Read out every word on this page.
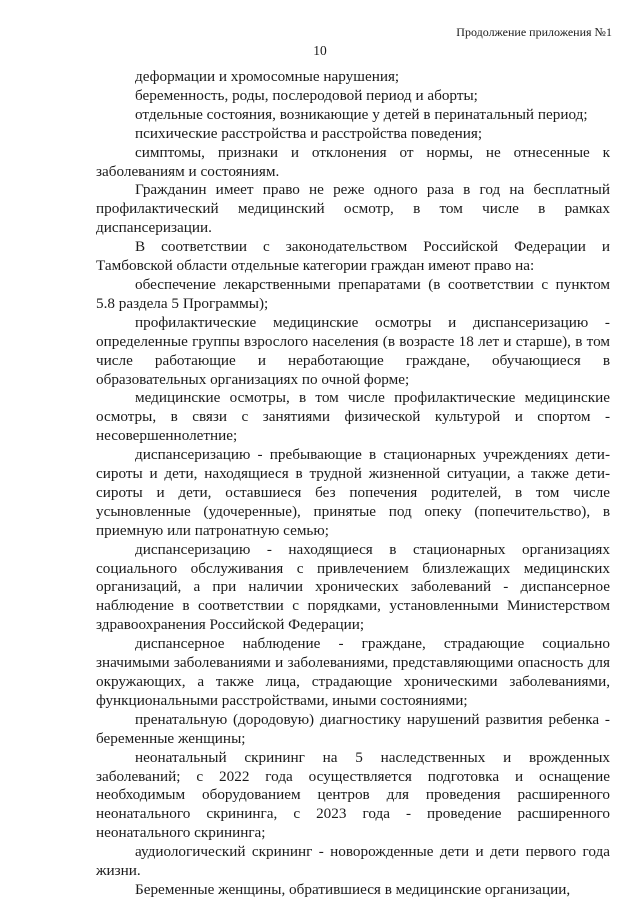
Продолжение приложения №1
10

деформации и хромосомные нарушения;

беременность, роды, послеродовой период и аборты;

отдельные состояния, возникающие у детей в перинатальный период;

психические расстройства и расстройства поведения;

симптомы, признаки и отклонения от нормы, не отнесенные к заболеваниям и состояниям.

Гражданин имеет право не реже одного раза в год на бесплатный профилактический медицинский осмотр, в том числе в рамках диспансеризации.

В соответствии с законодательством Российской Федерации и Тамбовской области отдельные категории граждан имеют право на:

обеспечение лекарственными препаратами (в соответствии с пунктом 5.8 раздела 5 Программы);

профилактические медицинские осмотры и диспансеризацию - определенные группы взрослого населения (в возрасте 18 лет и старше), в том числе работающие и неработающие граждане, обучающиеся в образовательных организациях по очной форме;

медицинские осмотры, в том числе профилактические медицинские осмотры, в связи с занятиями физической культурой и спортом - несовершеннолетние;

диспансеризацию - пребывающие в стационарных учреждениях дети-сироты и дети, находящиеся в трудной жизненной ситуации, а также дети-сироты и дети, оставшиеся без попечения родителей, в том числе усыновленные (удочеренные), принятые под опеку (попечительство), в приемную или патронатную семью;

диспансеризацию - находящиеся в стационарных организациях социального обслуживания с привлечением близлежащих медицинских организаций, а при наличии хронических заболеваний - диспансерное наблюдение в соответствии с порядками, установленными Министерством здравоохранения Российской Федерации;

диспансерное наблюдение - граждане, страдающие социально значимыми заболеваниями и заболеваниями, представляющими опасность для окружающих, а также лица, страдающие хроническими заболеваниями, функциональными расстройствами, иными состояниями;

пренатальную (дородовую) диагностику нарушений развития ребенка - беременные женщины;

неонатальный скрининг на 5 наследственных и врожденных заболеваний; с 2022 года осуществляется подготовка и оснащение необходимым оборудованием центров для проведения расширенного неонатального скрининга, с 2023 года - проведение расширенного неонатального скрининга;

аудиологический скрининг - новорожденные дети и дети первого года жизни.

Беременные женщины, обратившиеся в медицинские организации,
